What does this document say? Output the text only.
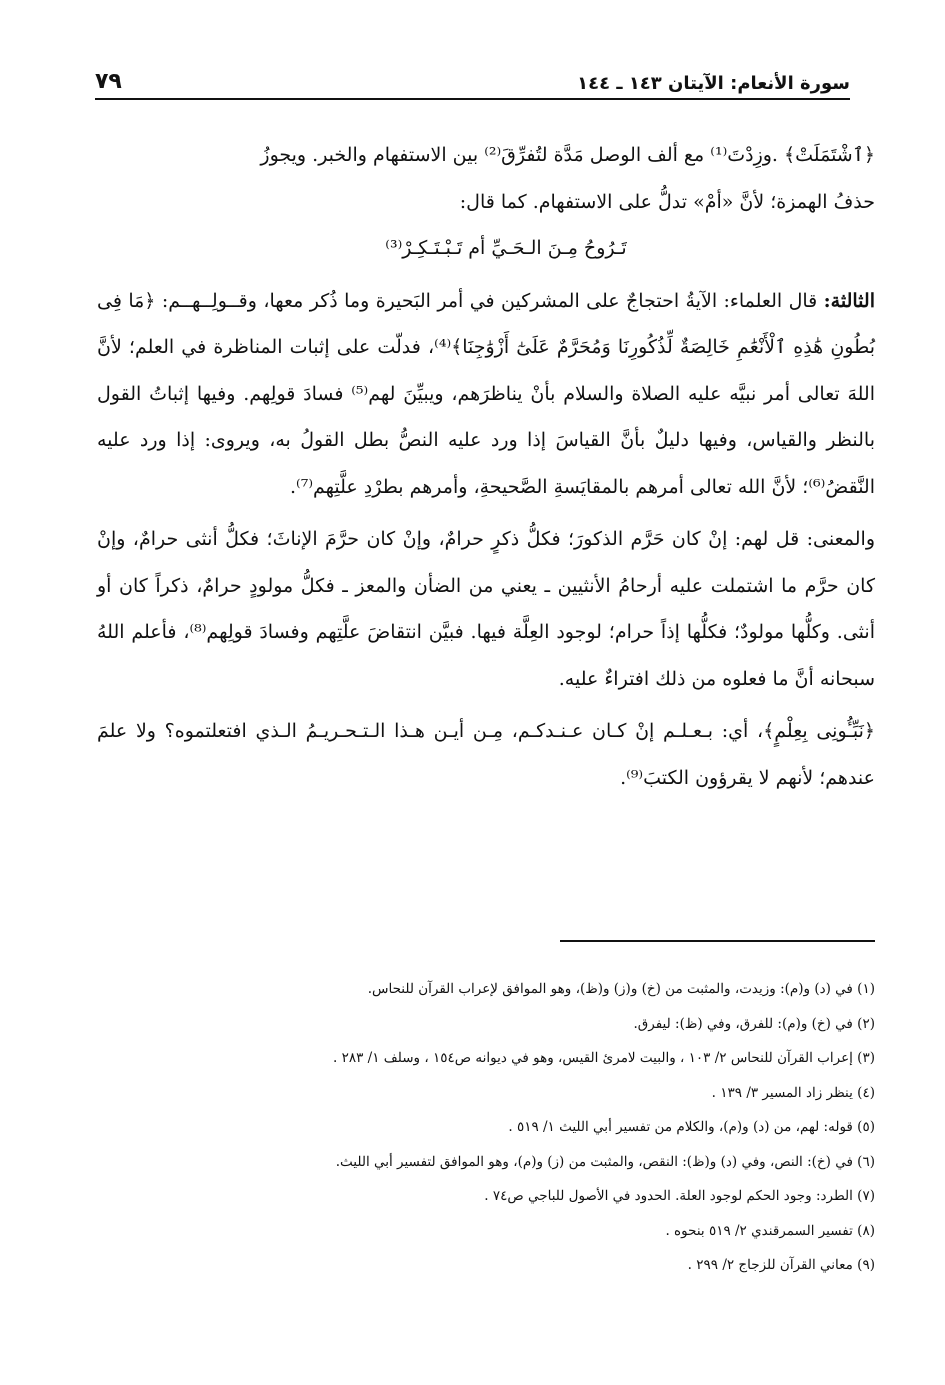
٧٩	سورة الأنعام: الآيتان ١٤٣ ـ ١٤٤

﴿ٱشْتَمَلَتْ﴾ .وزِدْتَ⁽¹⁾ مع ألف الوصل مَدَّة لتُفرِّقَ⁽²⁾ بين الاستفهام والخبر. ويجوزُ

حذفُ الهمزة؛ لأنَّ «أمْ» تدلُّ على الاستفهام. كما قال:

تَـرُوحُ مِـنَ الـحَـيِّ أم تَـبْـتَـكِـرْ⁽³⁾

الثالثة: قال العلماء: الآيةُ احتجاجٌ على المشركين في أمر البَحيرة وما ذُكر معها، وقــولِــهــم: ﴿مَا فِى بُطُونِ هَٰذِهِ ٱلْأَنْعَٰمِ خَالِصَةٌ لِّذُكُورِنَا وَمُحَرَّمٌ عَلَىٰٓ أَزْوَٰجِنَا﴾⁽⁴⁾، فدلّت على إثبات المناظرة في العلم؛ لأنَّ اللهَ تعالى أمر نبيَّه عليه الصلاة والسلام بأنْ يناظرَهم، ويبيِّنَ لهم⁽⁵⁾ فسادَ قولِهم. وفيها إثباتُ القول بالنظر والقياس، وفيها دليلٌ بأنَّ القياسَ إذا ورد عليه النصُّ بطل القولُ به، ويروى: إذا ورد عليه النَّقضُ⁽⁶⁾؛ لأنَّ الله تعالى أمرهم بالمقايَسةِ الصَّحيحةِ، وأمرهم بطرْدِ علَّتِهم⁽⁷⁾.

والمعنى: قل لهم: إنْ كان حَرَّم الذكورَ؛ فكلُّ ذكرٍ حرامٌ، وإنْ كان حرَّمَ الإناثَ؛ فكلُّ أنثى حرامٌ، وإنْ كان حرَّم ما اشتملت عليه أرحامُ الأنثيين ـ يعني من الضأن والمعز ـ فكلُّ مولودٍ حرامٌ، ذكراً كان أو أنثى. وكلُّها مولودٌ؛ فكلُّها إذاً حرام؛ لوجود العِلَّة فيها. فبيَّن انتقاضَ علَّتِهم وفسادَ قولِهم⁽⁸⁾، فأعلم اللهُ سبحانه أنَّ ما فعلوه من ذلك افتراءٌ عليه.

﴿نَبِّـُٔونِى بِعِلْمٍ﴾، أي: بـعـلـم إنْ كـان عـنـدكـم، مِـن أيـن هـذا الـتـحـريـمُ الـذي افتعلتموه؟ ولا علمَ عندهم؛ لأنهم لا يقرؤون الكتبَ⁽⁹⁾.

(١) في (د) و(م): وزيدت، والمثبت من (خ) و(ز) و(ظ)، وهو الموافق لإعراب القرآن للنحاس.
(٢) في (خ) و(م): للفرق، وفي (ظ): ليفرق.
(٣) إعراب القرآن للنحاس ٢/ ١٠٣ ، والبيت لامرئ القيس، وهو في ديوانه ص١٥٤ ، وسلف ١/ ٢٨٣ .
(٤) ينظر زاد المسير ٣/ ١٣٩ .
(٥) قوله: لهم، من (د) و(م)، والكلام من تفسير أبي الليث ١/ ٥١٩ .
(٦) في (خ): النص، وفي (د) و(ظ): النقص، والمثبت من (ز) و(م)، وهو الموافق لتفسير أبي الليث.
(٧) الطرد: وجود الحكم لوجود العلة. الحدود في الأصول للباجي ص٧٤ .
(٨) تفسير السمرقندي ٢/ ٥١٩ بنحوه .
(٩) معاني القرآن للزجاج ٢/ ٢٩٩ .
